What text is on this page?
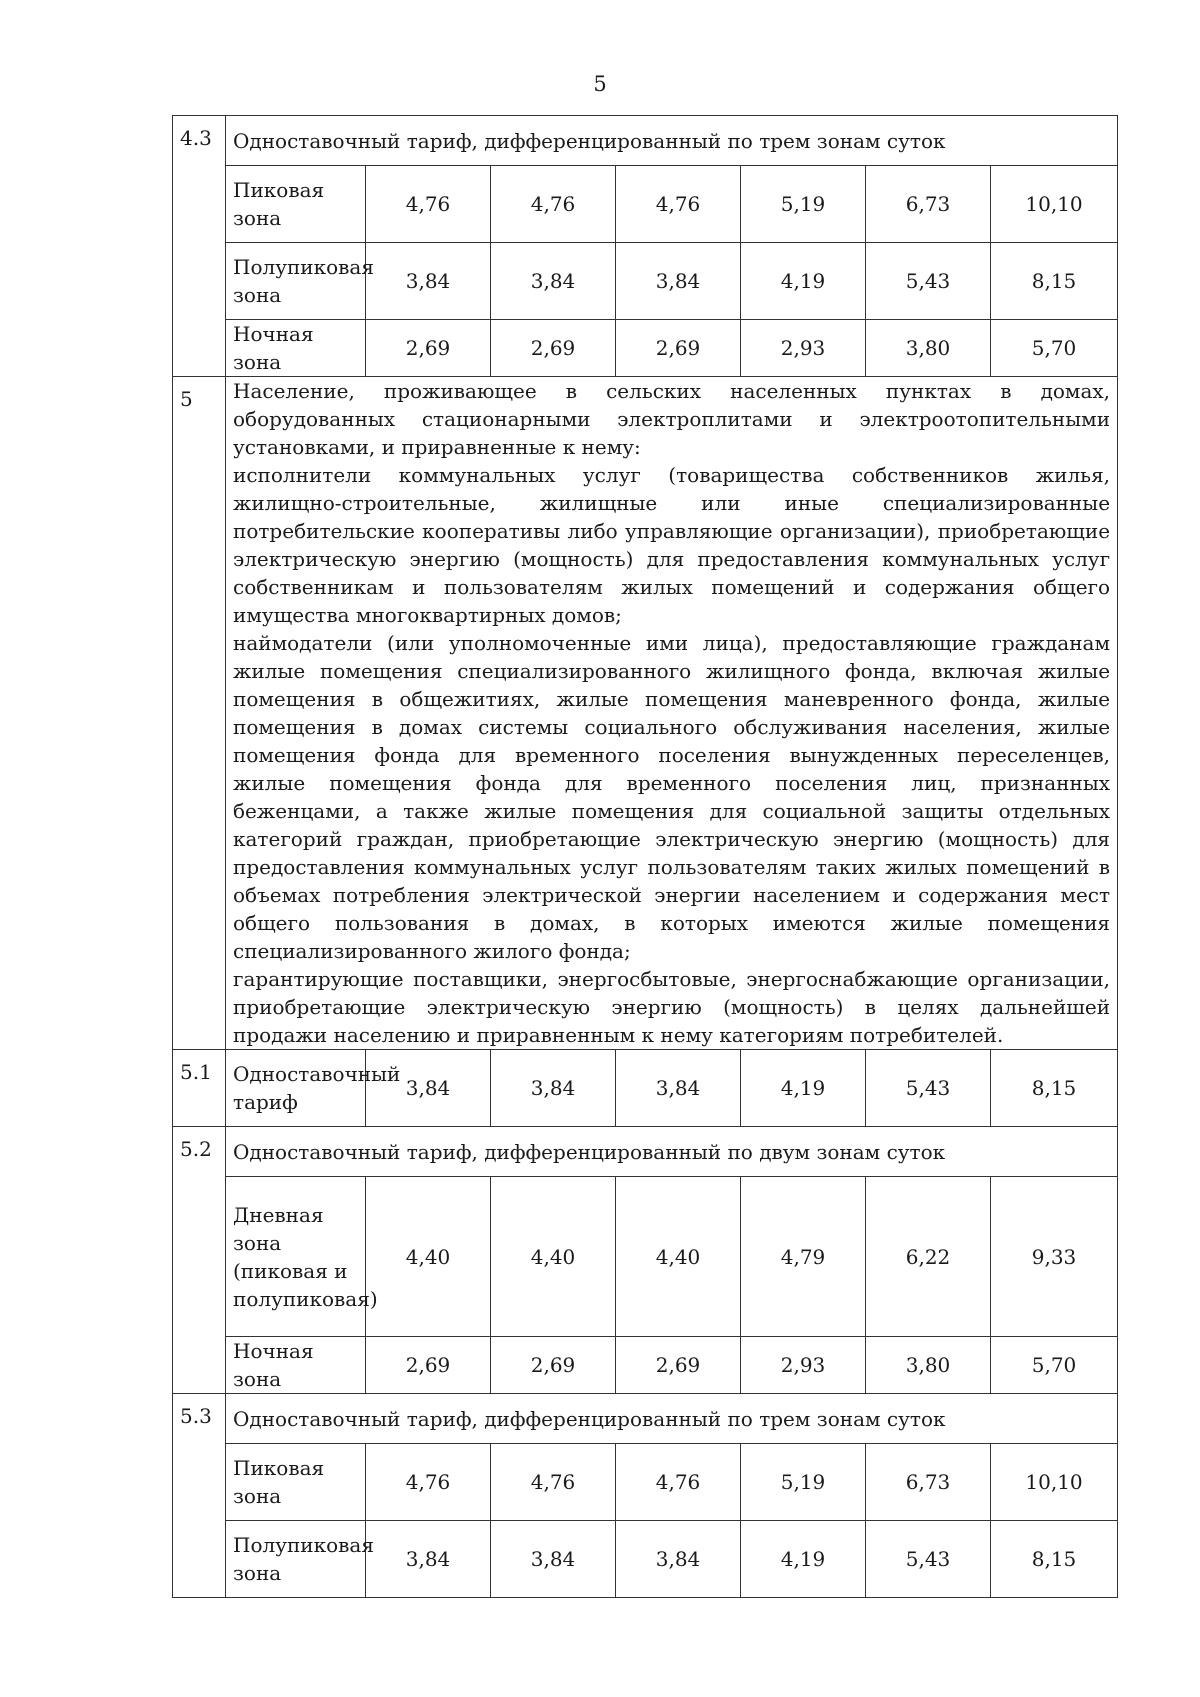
5
4.3	Одноставочный тариф, дифференцированный по трем зонам суток						
	Пиковая зона	4,76	4,76	4,76	5,19	6,73	10,10
	Полупиковая зона	3,84	3,84	3,84	4,19	5,43	8,15
	Ночная зона	2,69	2,69	2,69	2,93	3,80	5,70
5	Население, проживающее в сельских населенных пунктах в домах, оборудованных стационарными электроплитами и электроотопительными установками, и приравненные к нему:
исполнители коммунальных услуг (товарищества собственников жилья, жилищно-строительные, жилищные или иные специализированные потребительские кооперативы либо управляющие организации), приобретающие электрическую энергию (мощность) для предоставления коммунальных услуг собственникам и пользователям жилых помещений и содержания общего имущества многоквартирных домов;
наймодатели (или уполномоченные ими лица), предоставляющие гражданам жилые помещения специализированного жилищного фонда, включая жилые помещения в общежитиях, жилые помещения маневренного фонда, жилые помещения в домах системы социального обслуживания населения, жилые помещения фонда для временного поселения вынужденных переселенцев, жилые помещения фонда для временного поселения лиц, признанных беженцами, а также жилые помещения для социальной защиты отдельных категорий граждан, приобретающие электрическую энергию (мощность) для предоставления коммунальных услуг пользователям таких жилых помещений в объемах потребления электрической энергии населением и содержания мест общего пользования в домах, в которых имеются жилые помещения специализированного жилого фонда;
гарантирующие поставщики, энергосбытовые, энергоснабжающие организации, приобретающие электрическую энергию (мощность) в целях дальнейшей продажи населению и приравненным к нему категориям потребителей.						

5.1	Одноставочный тариф	3,84	3,84	3,84	4,19	5,43	8,15
5.2	Одноставочный тариф, дифференцированный по двум зонам суток						
	Дневная зона (пиковая и полупиковая)	4,40	4,40	4,40	4,79	6,22	9,33
	Ночная зона	2,69	2,69	2,69	2,93	3,80	5,70
5.3	Одноставочный тариф, дифференцированный по трем зонам суток						
	Пиковая зона	4,76	4,76	4,76	5,19	6,73	10,10
	Полупиковая зона	3,84	3,84	3,84	4,19	5,43	8,15
